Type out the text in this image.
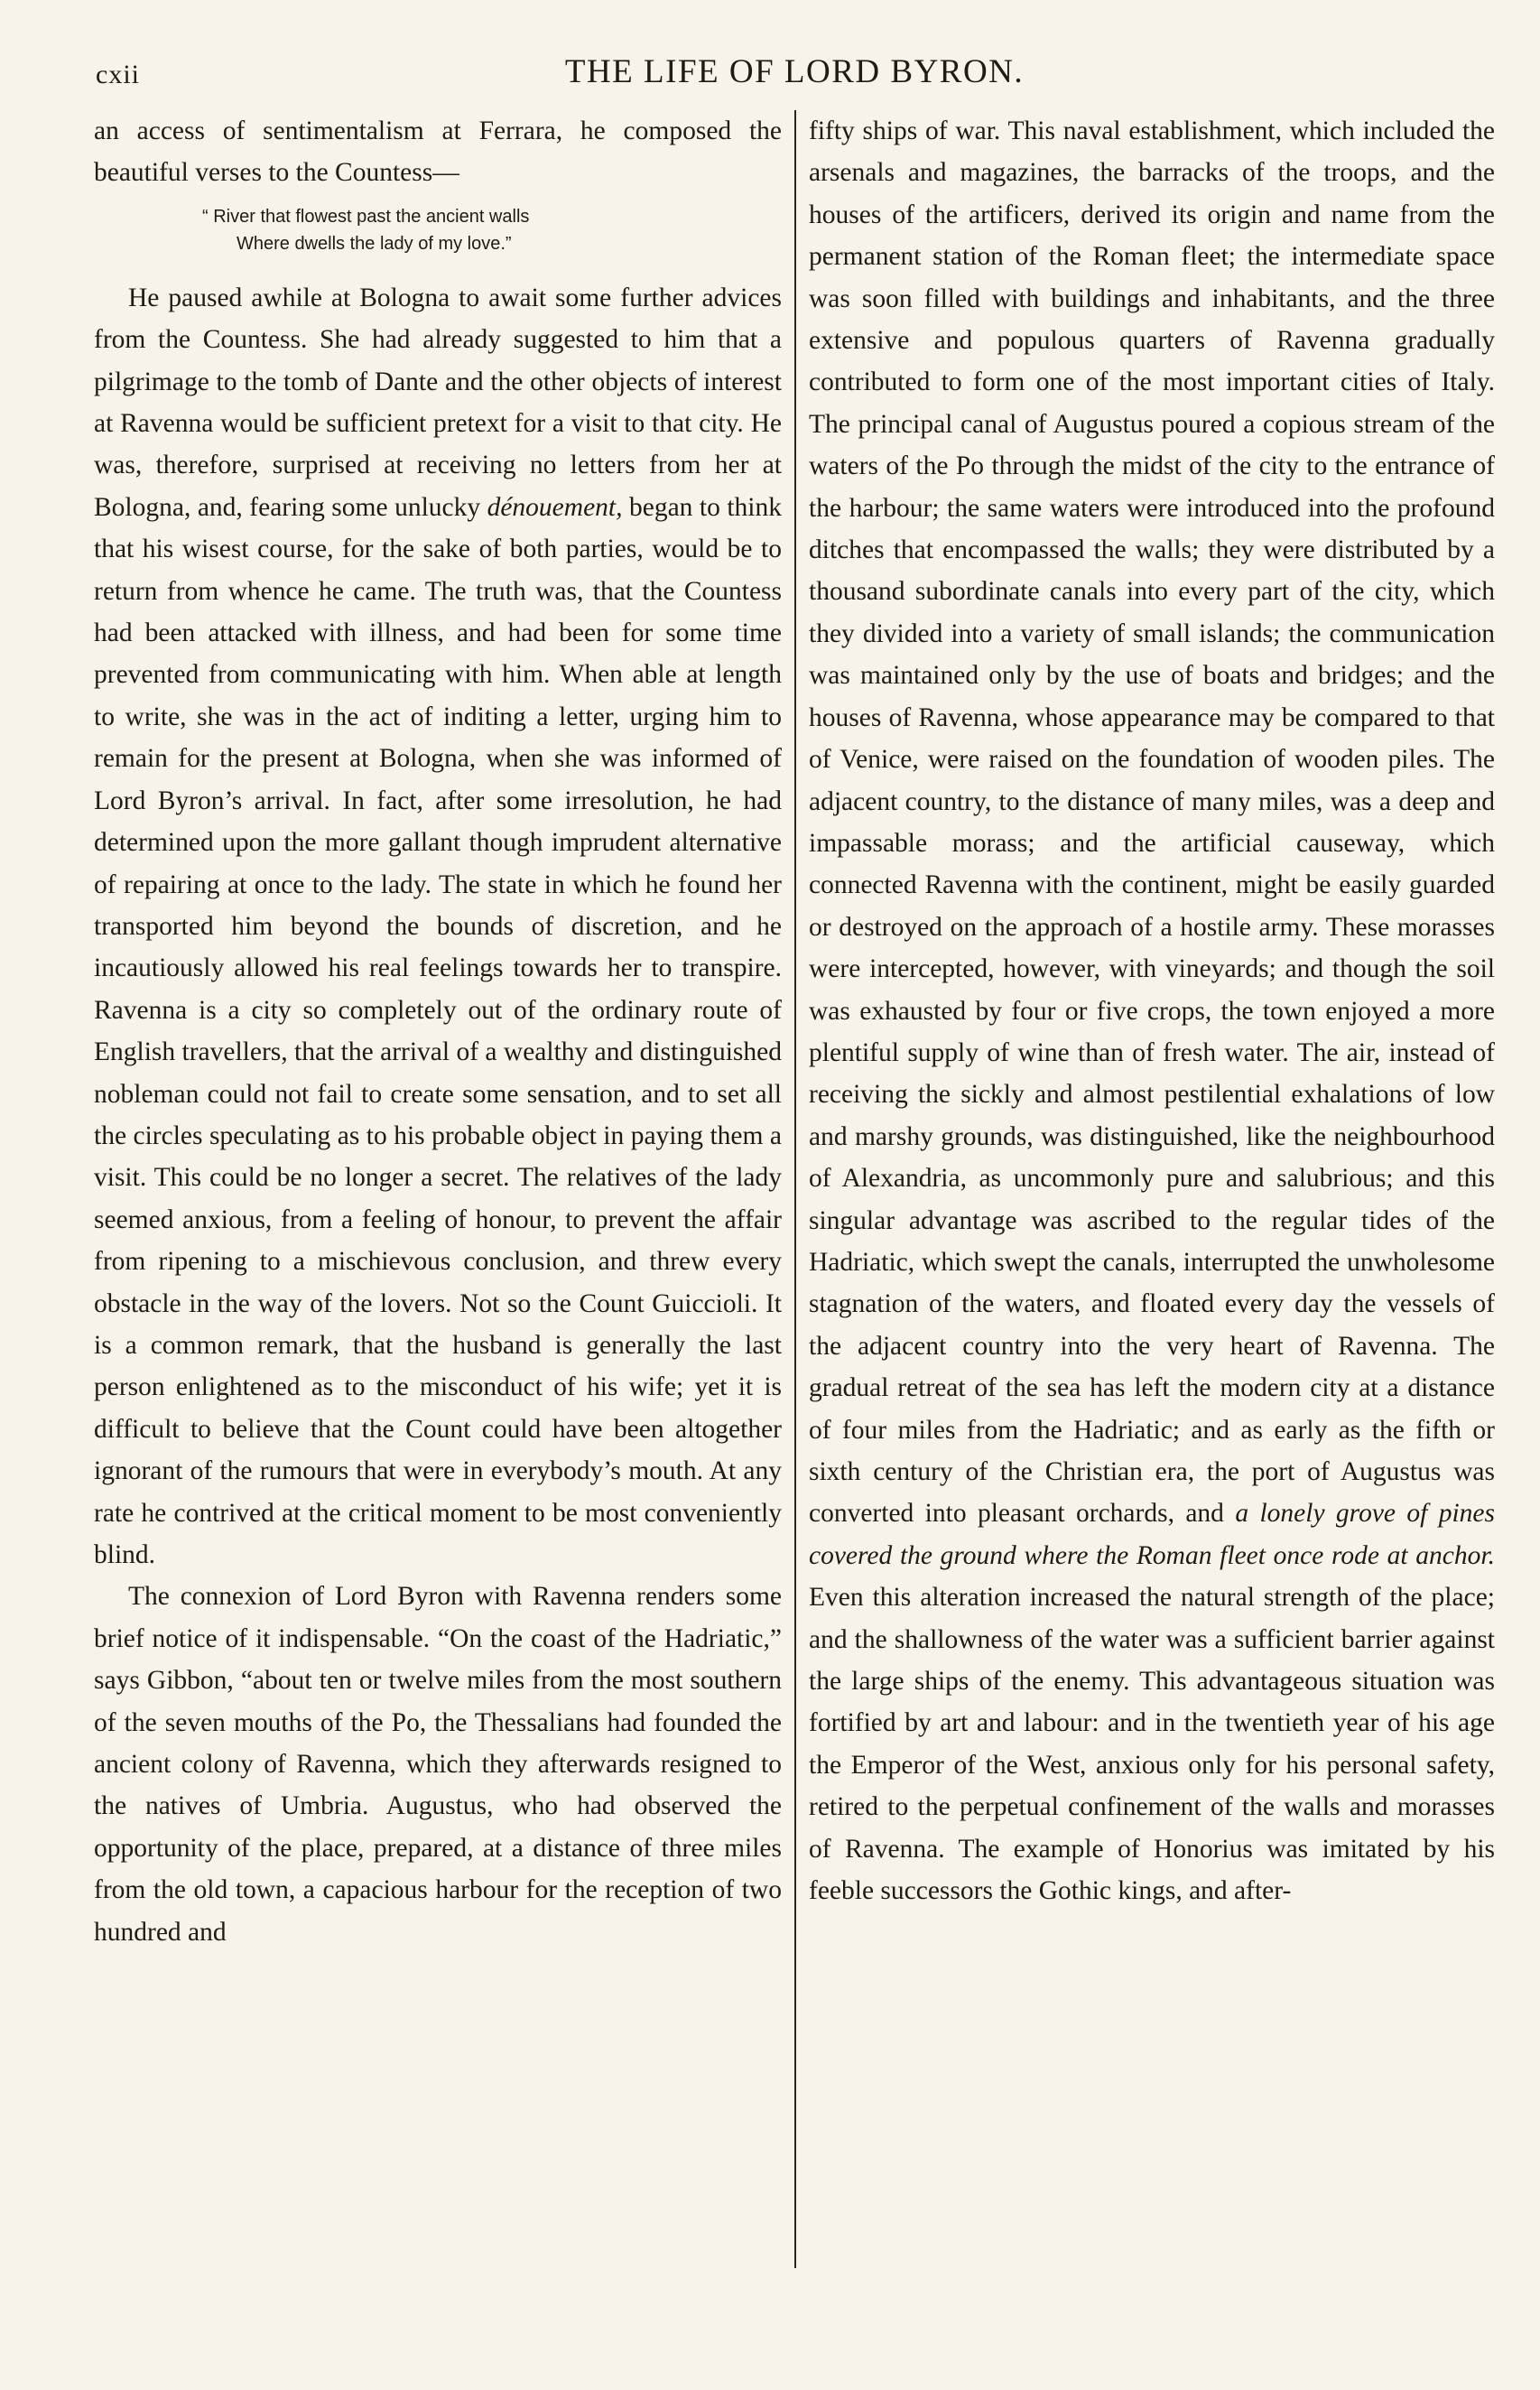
cxii	THE LIFE OF LORD BYRON.

an access of sentimentalism at Ferrara, he composed the beautiful verses to the Countess—

“ River that flowest past the ancient walls
Where dwells the lady of my love.”

He paused awhile at Bologna to await some further advices from the Countess. She had already suggested to him that a pilgrimage to the tomb of Dante and the other objects of interest at Ravenna would be sufficient pretext for a visit to that city. He was, therefore, surprised at receiving no letters from her at Bologna, and, fearing some unlucky dénouement, began to think that his wisest course, for the sake of both parties, would be to return from whence he came. The truth was, that the Countess had been attacked with illness, and had been for some time prevented from communicating with him. When able at length to write, she was in the act of inditing a letter, urging him to remain for the present at Bologna, when she was informed of Lord Byron’s arrival. In fact, after some irresolution, he had determined upon the more gallant though imprudent alternative of repairing at once to the lady. The state in which he found her transported him beyond the bounds of discretion, and he incautiously allowed his real feelings towards her to transpire. Ravenna is a city so completely out of the ordinary route of English travellers, that the arrival of a wealthy and distinguished nobleman could not fail to create some sensation, and to set all the circles speculating as to his probable object in paying them a visit. This could be no longer a secret. The relatives of the lady seemed anxious, from a feeling of honour, to prevent the affair from ripening to a mischievous conclusion, and threw every obstacle in the way of the lovers. Not so the Count Guiccioli. It is a common remark, that the husband is generally the last person enlightened as to the misconduct of his wife; yet it is difficult to believe that the Count could have been altogether ignorant of the rumours that were in everybody’s mouth. At any rate he contrived at the critical moment to be most conveniently blind.

The connexion of Lord Byron with Ravenna renders some brief notice of it indispensable. “On the coast of the Hadriatic,” says Gibbon, “about ten or twelve miles from the most southern of the seven mouths of the Po, the Thessalians had founded the ancient colony of Ravenna, which they afterwards resigned to the natives of Umbria. Augustus, who had observed the opportunity of the place, prepared, at a distance of three miles from the old town, a capacious harbour for the reception of two hundred and

fifty ships of war. This naval establishment, which included the arsenals and magazines, the barracks of the troops, and the houses of the artificers, derived its origin and name from the permanent station of the Roman fleet; the intermediate space was soon filled with buildings and inhabitants, and the three extensive and populous quarters of Ravenna gradually contributed to form one of the most important cities of Italy. The principal canal of Augustus poured a copious stream of the waters of the Po through the midst of the city to the entrance of the harbour; the same waters were introduced into the profound ditches that encompassed the walls; they were distributed by a thousand subordinate canals into every part of the city, which they divided into a variety of small islands; the communication was maintained only by the use of boats and bridges; and the houses of Ravenna, whose appearance may be compared to that of Venice, were raised on the foundation of wooden piles. The adjacent country, to the distance of many miles, was a deep and impassable morass; and the artificial causeway, which connected Ravenna with the continent, might be easily guarded or destroyed on the approach of a hostile army. These morasses were intercepted, however, with vineyards; and though the soil was exhausted by four or five crops, the town enjoyed a more plentiful supply of wine than of fresh water. The air, instead of receiving the sickly and almost pestilential exhalations of low and marshy grounds, was distinguished, like the neighbourhood of Alexandria, as uncommonly pure and salubrious; and this singular advantage was ascribed to the regular tides of the Hadriatic, which swept the canals, interrupted the unwholesome stagnation of the waters, and floated every day the vessels of the adjacent country into the very heart of Ravenna. The gradual retreat of the sea has left the modern city at a distance of four miles from the Hadriatic; and as early as the fifth or sixth century of the Christian era, the port of Augustus was converted into pleasant orchards, and a lonely grove of pines covered the ground where the Roman fleet once rode at anchor. Even this alteration increased the natural strength of the place; and the shallowness of the water was a sufficient barrier against the large ships of the enemy. This advantageous situation was fortified by art and labour: and in the twentieth year of his age the Emperor of the West, anxious only for his personal safety, retired to the perpetual confinement of the walls and morasses of Ravenna. The example of Honorius was imitated by his feeble successors the Gothic kings, and after-
